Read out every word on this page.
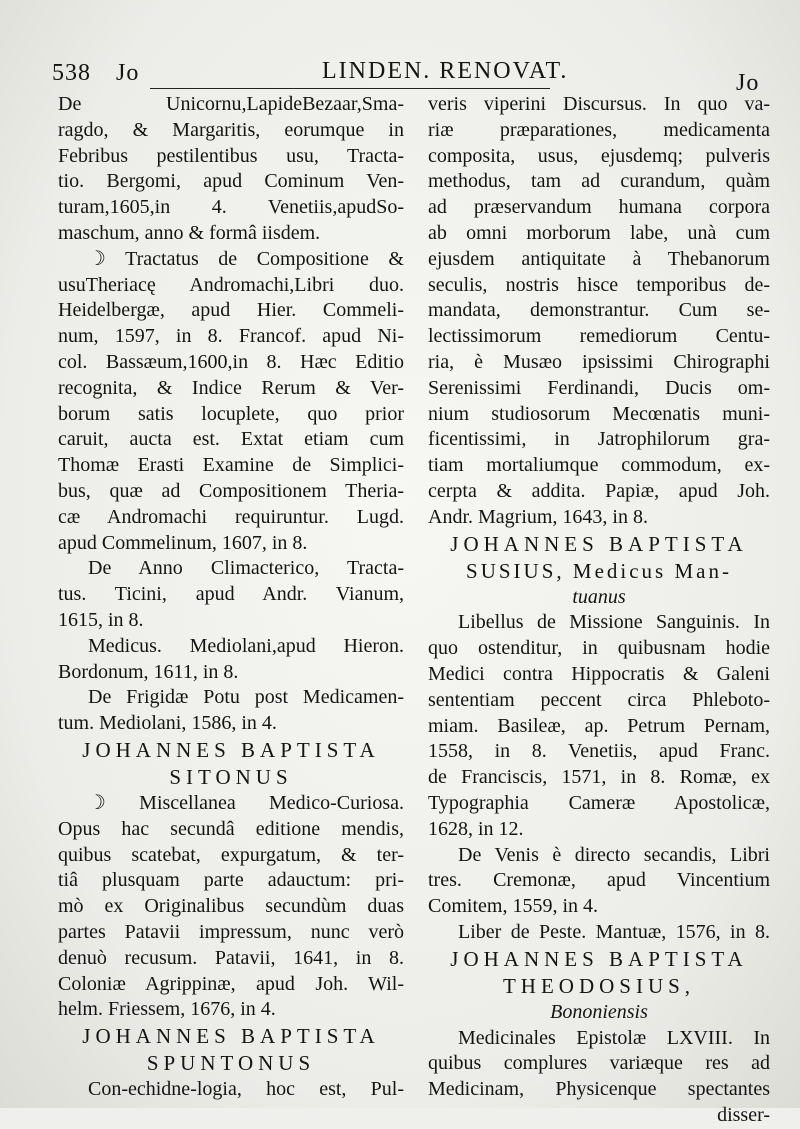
538 Jo	LINDEN. RENOVAT.	Jo
De Unicornu,LapideBezaar,Sma-
ragdo, & Margaritis, eorumque in
Febribus pestilentibus usu, Tracta-
tio. Bergomi, apud Cominum Ven-
turam,1605,in 4. Venetiis,apudSo-
maschum, anno & formâ iisdem.
☽ Tractatus de Compositione &
usuTheriacę Andromachi,Libri duo.
Heidelbergæ, apud Hier. Commeli-
num, 1597, in 8. Francof. apud Ni-
col. Bassæum,1600,in 8. Hæc Editio
recognita, & Indice Rerum & Ver-
borum satis locuplete, quo prior
caruit, aucta est. Extat etiam cum
Thomæ Erasti Examine de Simplici-
bus, quæ ad Compositionem Theria-
cæ Andromachi requiruntur. Lugd.
apud Commelinum, 1607, in 8.
De Anno Climacterico, Tracta-
tus. Ticini, apud Andr. Vianum,
1615, in 8.
Medicus. Mediolani,apud Hieron.
Bordonum, 1611, in 8.
De Frigidæ Potu post Medicamen-
tum. Mediolani, 1586, in 4.
JOHANNES BAPTISTA
SITONUS
☽ Miscellanea Medico-Curiosa.
Opus hac secundâ editione mendis,
quibus scatebat, expurgatum, & ter-
tiâ plusquam parte adauctum: pri-
mò ex Originalibus secundùm duas
partes Patavii impressum, nunc verò
denuò recusum. Patavii, 1641, in 8.
Coloniæ Agrippinæ, apud Joh. Wil-
helm. Friessem, 1676, in 4.
JOHANNES BAPTISTA
SPUNTONUS
Con-echidne-logia, hoc est, Pul-
veris viperini Discursus. In quo va-
riæ præparationes, medicamenta
composita, usus, ejusdemq; pulveris
methodus, tam ad curandum, quàm
ad præservandum humana corpora
ab omni morborum labe, unà cum
ejusdem antiquitate à Thebanorum
seculis, nostris hisce temporibus de-
mandata, demonstrantur. Cum se-
lectissimorum remediorum Centu-
ria, è Musæo ipsissimi Chirographi
Serenissimi Ferdinandi, Ducis om-
nium studiosorum Mecœnatis muni-
ficentissimi, in Jatrophilorum gra-
tiam mortaliumque commodum, ex-
cerpta & addita. Papiæ, apud Joh.
Andr. Magrium, 1643, in 8.
JOHANNES BAPTISTA
SUSIUS, Medicus Man-
tuanus
Libellus de Missione Sanguinis. In
quo ostenditur, in quibusnam hodie
Medici contra Hippocratis & Galeni
sententiam peccent circa Phleboto-
miam. Basileæ, ap. Petrum Pernam,
1558, in 8. Venetiis, apud Franc.
de Franciscis, 1571, in 8. Romæ, ex
Typographia Cameræ Apostolicæ,
1628, in 12.
De Venis è directo secandis, Libri
tres. Cremonæ, apud Vincentium
Comitem, 1559, in 4.
Liber de Peste. Mantuæ, 1576, in 8.
JOHANNES BAPTISTA
THEODOSIUS,
Bononiensis
Medicinales Epistolæ LXVIII. In
quibus complures variæque res ad
Medicinam, Physicenque spectantes
disser-
